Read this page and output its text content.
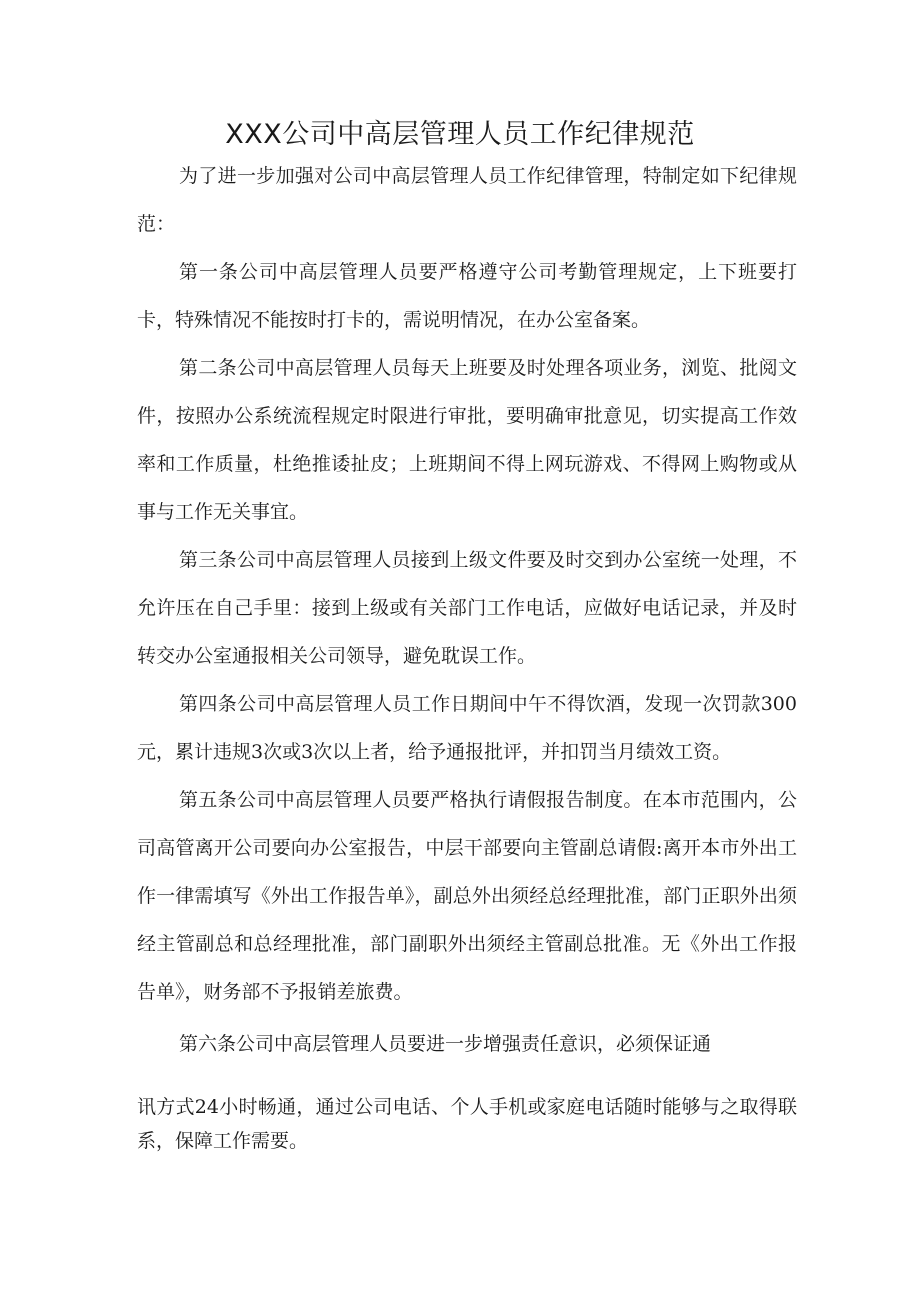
XXX公司中高层管理人员工作纪律规范

为了进一步加强对公司中高层管理人员工作纪律管理，特制定如下纪律规范：

第一条公司中高层管理人员要严格遵守公司考勤管理规定，上下班要打卡，特殊情况不能按时打卡的，需说明情况，在办公室备案。

第二条公司中高层管理人员每天上班要及时处理各项业务，浏览、批阅文件，按照办公系统流程规定时限进行审批，要明确审批意见，切实提高工作效率和工作质量，杜绝推诿扯皮；上班期间不得上网玩游戏、不得网上购物或从事与工作无关事宜。

第三条公司中高层管理人员接到上级文件要及时交到办公室统一处理，不允许压在自己手里：接到上级或有关部门工作电话，应做好电话记录，并及时转交办公室通报相关公司领导，避免耽误工作。

第四条公司中高层管理人员工作日期间中午不得饮酒，发现一次罚款300元，累计违规3次或3次以上者，给予通报批评，并扣罚当月绩效工资。

第五条公司中高层管理人员要严格执行请假报告制度。在本市范围内，公司高管离开公司要向办公室报告，中层干部要向主管副总请假:离开本市外出工作一律需填写《外出工作报告单》，副总外出须经总经理批准，部门正职外出须经主管副总和总经理批准，部门副职外出须经主管副总批准。无《外出工作报告单》，财务部不予报销差旅费。

第六条公司中高层管理人员要进一步增强责任意识，必须保证通

讯方式24小时畅通，通过公司电话、个人手机或家庭电话随时能够与之取得联系，保障工作需要。
